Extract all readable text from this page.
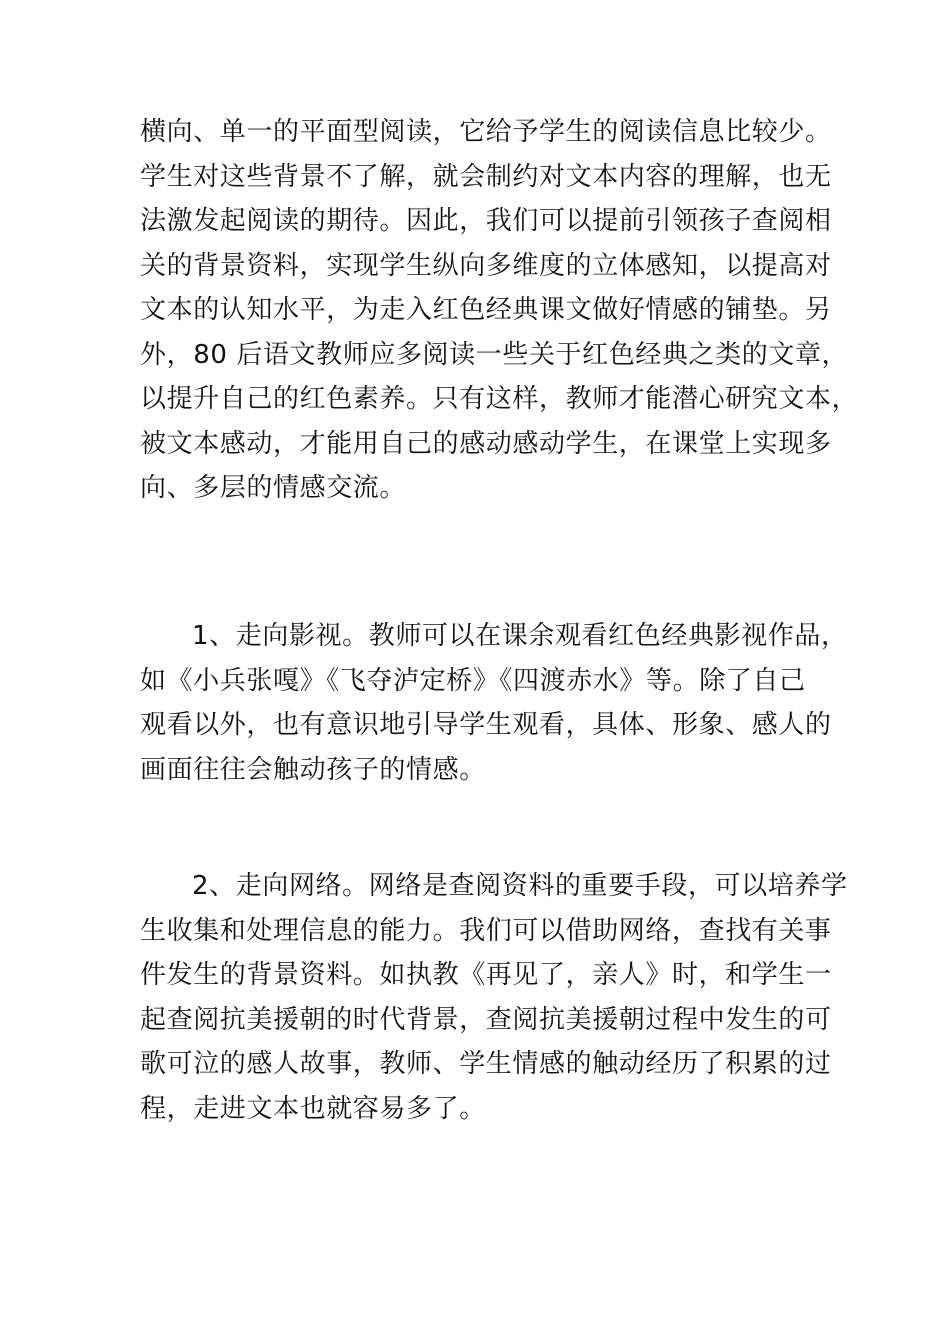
横向、单一的平面型阅读，它给予学生的阅读信息比较少。
学生对这些背景不了解，就会制约对文本内容的理解，也无
法激发起阅读的期待。因此，我们可以提前引领孩子查阅相
关的背景资料，实现学生纵向多维度的立体感知，以提高对
文本的认知水平，为走入红色经典课文做好情感的铺垫。另
外，80 后语文教师应多阅读一些关于红色经典之类的文章，
以提升自己的红色素养。只有这样，教师才能潜心研究文本，
被文本感动，才能用自己的感动感动学生，在课堂上实现多
向、多层的情感交流。
1、走向影视。教师可以在课余观看红色经典影视作品，
如《小兵张嘎》《飞夺泸定桥》《四渡赤水》等。除了自己
观看以外，也有意识地引导学生观看，具体、形象、感人的
画面往往会触动孩子的情感。
2、走向网络。网络是查阅资料的重要手段，可以培养学
生收集和处理信息的能力。我们可以借助网络，查找有关事
件发生的背景资料。如执教《再见了，亲人》时，和学生一
起查阅抗美援朝的时代背景，查阅抗美援朝过程中发生的可
歌可泣的感人故事，教师、学生情感的触动经历了积累的过
程，走进文本也就容易多了。
